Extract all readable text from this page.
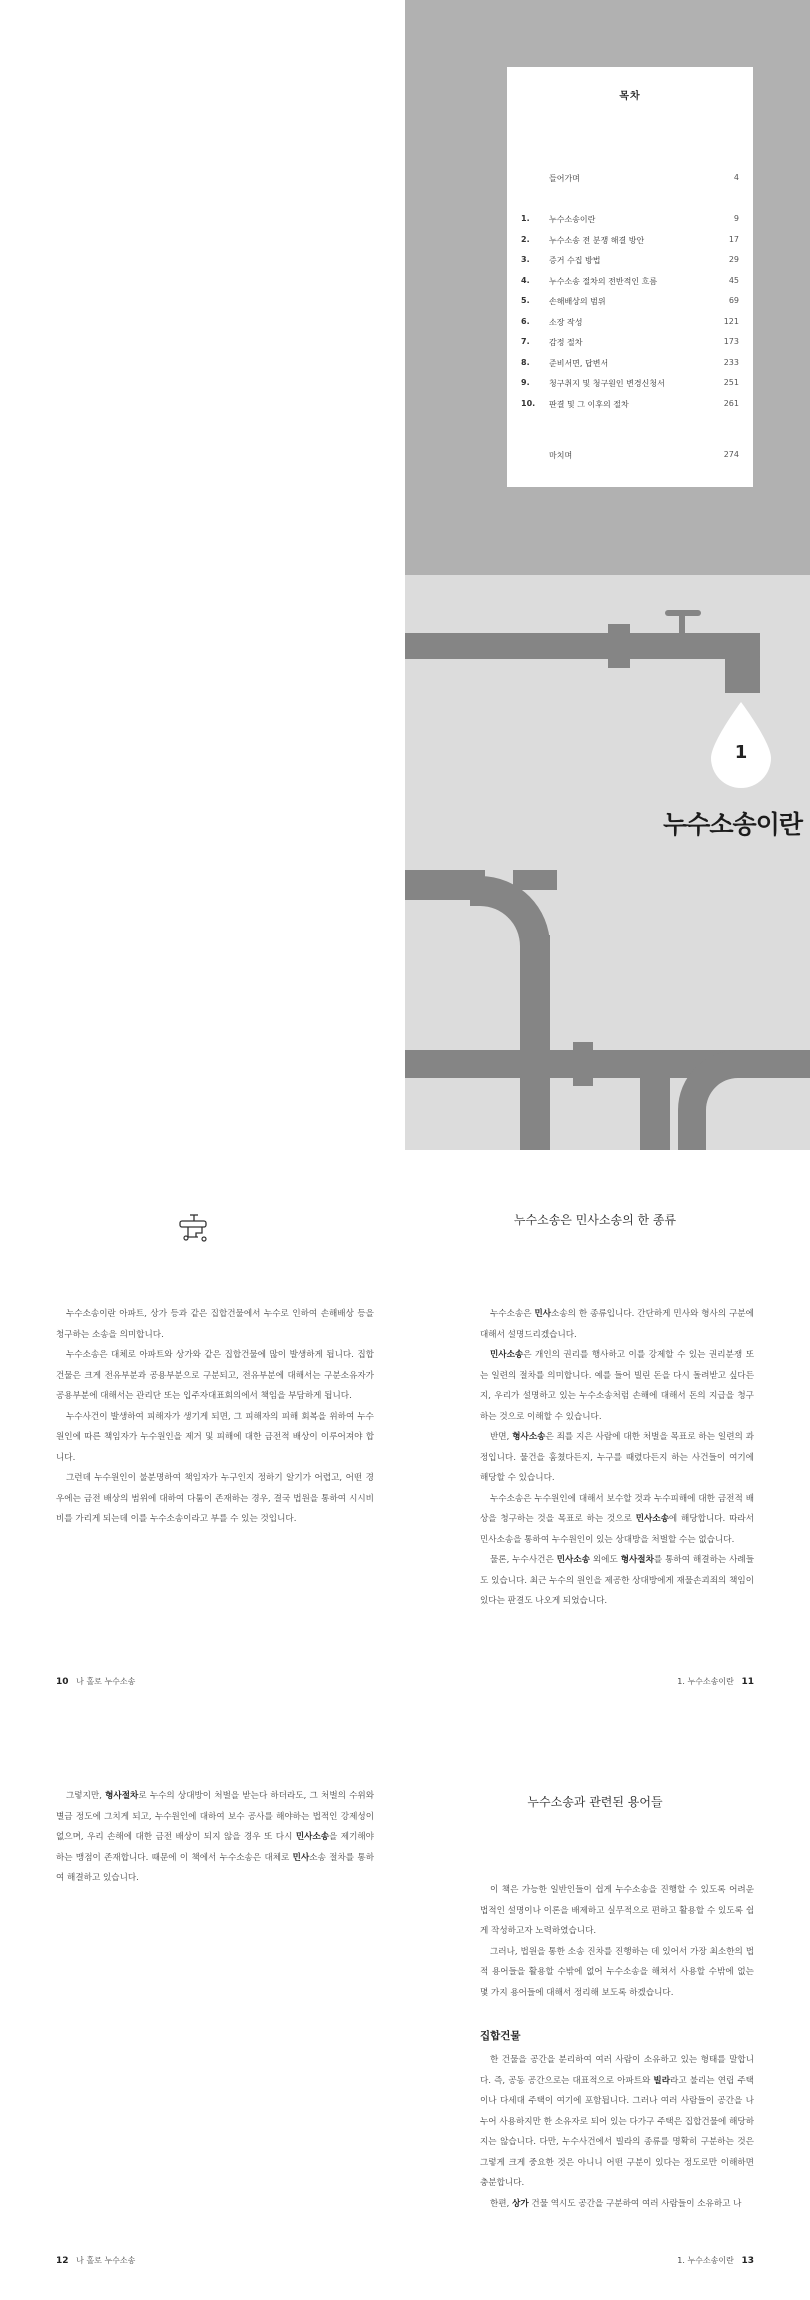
목차
들어가며	4
1.	누수소송이란	9
2.	누수소송 전 분쟁 해결 방안	17
3.	증거 수집 방법	29
4.	누수소송 절차의 전반적인 흐름	45
5.	손해배상의 범위	69
6.	소장 작성	121
7.	감정 절차	173
8.	준비서면, 답변서	233
9.	청구취지 및 청구원인 변경신청서	251
10.	판결 및 그 이후의 절차	261
마치며	274
1
누수소송이란

누수소송이란 아파트, 상가 등과 같은 집합건물에서 누수로 인하여 손해배상 등을 청구하는 소송을 의미합니다.

누수소송은 대체로 아파트와 상가와 같은 집합건물에 많이 발생하게 됩니다. 집합건물은 크게 전유부분과 공용부분으로 구분되고, 전유부분에 대해서는 구분소유자가 공용부분에 대해서는 관리단 또는 입주자대표회의에서 책임을 부담하게 됩니다.

누수사건이 발생하여 피해자가 생기게 되면, 그 피해자의 피해 회복을 위하여 누수원인에 따른 책임자가 누수원인을 제거 및 피해에 대한 금전적 배상이 이루어져야 합니다.

그런데 누수원인이 불분명하여 책임자가 누구인지 정하기 알기가 어렵고, 어떤 경우에는 금전 배상의 범위에 대하여 다툼이 존재하는 경우, 결국 법원을 통하여 시시비비를 가리게 되는데 이를 누수소송이라고 부를 수 있는 것입니다.

10 나 홀로 누수소송
누수소송은 민사소송의 한 종류

누수소송은 민사소송의 한 종류입니다. 간단하게 민사와 형사의 구분에 대해서 설명드리겠습니다.

민사소송은 개인의 권리를 행사하고 이를 강제할 수 있는 권리분쟁 또는 일련의 절차를 의미합니다. 예를 들어 빌린 돈을 다시 돌려받고 싶다든지, 우리가 설명하고 있는 누수소송처럼 손해에 대해서 돈의 지급을 청구하는 것으로 이해할 수 있습니다.

반면, 형사소송은 죄를 지은 사람에 대한 처벌을 목표로 하는 일련의 과정입니다. 물건을 훔쳤다든지, 누구를 때렸다든지 하는 사건들이 여기에 해당할 수 있습니다.

누수소송은 누수원인에 대해서 보수할 것과 누수피해에 대한 금전적 배상을 청구하는 것을 목표로 하는 것으로 민사소송에 해당합니다. 따라서 민사소송을 통하여 누수원인이 있는 상대방을 처벌할 수는 없습니다.

물론, 누수사건은 민사소송 외에도 형사절차를 통하여 해결하는 사례들도 있습니다. 최근 누수의 원인을 제공한 상대방에게 재물손괴죄의 책임이 있다는 판결도 나오게 되었습니다.

1. 누수소송이란 11

그렇지만, 형사절차로 누수의 상대방이 처벌을 받는다 하더라도, 그 처벌의 수위와 별금 정도에 그치게 되고, 누수원인에 대하여 보수 공사를 해야하는 법적인 강제성이 없으며, 우리 손해에 대한 금전 배상이 되지 않을 경우 또 다시 민사소송을 제기해야 하는 맹점이 존재합니다. 때문에 이 책에서 누수소송은 대체로 민사소송 절차를 통하여 해결하고 있습니다.

12 나 홀로 누수소송
누수소송과 관련된 용어들

이 책은 가능한 일반인들이 쉽게 누수소송을 진행할 수 있도록 어려운 법적인 설명이나 이론을 배제하고 실무적으로 편하고 활용할 수 있도록 쉽게 작성하고자 노력하였습니다.

그러나, 법원을 통한 소송 진차를 진행하는 데 있어서 가장 최소한의 법적 용어들을 활용할 수밖에 없어 누수소송을 해쳐서 사용할 수밖에 없는 몇 가지 용어들에 대해서 정리해 보도록 하겠습니다.

집합건물

한 건물을 공간을 분리하여 여러 사람이 소유하고 있는 형태를 말합니다. 즉, 공동 공간으로는 대표적으로 아파트와 빌라라고 불리는 연립 주택이나 다세대 주택이 여기에 포함됩니다. 그러나 여러 사람들이 공간을 나누어 사용하지만 한 소유자로 되어 있는 다가구 주택은 집합건물에 해당하지는 않습니다. 다만, 누수사건에서 빌라의 종류를 명확히 구분하는 것은 그렇게 크게 중요한 것은 아니니 어떤 구분이 있다는 정도로만 이해하면 충분합니다.

한편, 상가 건물 역시도 공간을 구분하여 여러 사람들이 소유하고 나

1. 누수소송이란 13
